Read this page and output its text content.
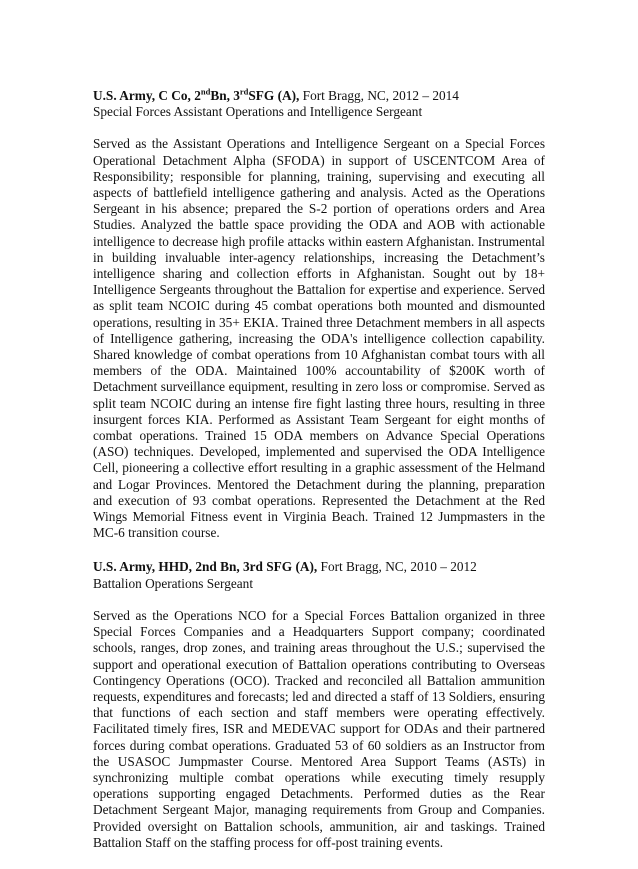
U.S. Army, C Co, 2ndBn, 3rdSFG (A), Fort Bragg, NC, 2012 – 2014

Special Forces Assistant Operations and Intelligence Sergeant

Served as the Assistant Operations and Intelligence Sergeant on a Special Forces Operational Detachment Alpha (SFODA) in support of USCENTCOM Area of Responsibility; responsible for planning, training, supervising and executing all aspects of battlefield intelligence gathering and analysis. Acted as the Operations Sergeant in his absence; prepared the S-2 portion of operations orders and Area Studies. Analyzed the battle space providing the ODA and AOB with actionable intelligence to decrease high profile attacks within eastern Afghanistan. Instrumental in building invaluable inter-agency relationships, increasing the Detachment’s intelligence sharing and collection efforts in Afghanistan. Sought out by 18+ Intelligence Sergeants throughout the Battalion for expertise and experience. Served as split team NCOIC during 45 combat operations both mounted and dismounted operations, resulting in 35+ EKIA. Trained three Detachment members in all aspects of Intelligence gathering, increasing the ODA's intelligence collection capability. Shared knowledge of combat operations from 10 Afghanistan combat tours with all members of the ODA. Maintained 100% accountability of $200K worth of Detachment surveillance equipment, resulting in zero loss or compromise. Served as split team NCOIC during an intense fire fight lasting three hours, resulting in three insurgent forces KIA. Performed as Assistant Team Sergeant for eight months of combat operations. Trained 15 ODA members on Advance Special Operations (ASO) techniques. Developed, implemented and supervised the ODA Intelligence Cell, pioneering a collective effort resulting in a graphic assessment of the Helmand and Logar Provinces. Mentored the Detachment during the planning, preparation and execution of 93 combat operations. Represented the Detachment at the Red Wings Memorial Fitness event in Virginia Beach. Trained 12 Jumpmasters in the MC-6 transition course.

U.S. Army, HHD, 2nd Bn, 3rd SFG (A), Fort Bragg, NC, 2010 – 2012

Battalion Operations Sergeant

Served as the Operations NCO for a Special Forces Battalion organized in three Special Forces Companies and a Headquarters Support company; coordinated schools, ranges, drop zones, and training areas throughout the U.S.; supervised the support and operational execution of Battalion operations contributing to Overseas Contingency Operations (OCO). Tracked and reconciled all Battalion ammunition requests, expenditures and forecasts; led and directed a staff of 13 Soldiers, ensuring that functions of each section and staff members were operating effectively. Facilitated timely fires, ISR and MEDEVAC support for ODAs and their partnered forces during combat operations. Graduated 53 of 60 soldiers as an Instructor from the USASOC Jumpmaster Course. Mentored Area Support Teams (ASTs) in synchronizing multiple combat operations while executing timely resupply operations supporting engaged Detachments. Performed duties as the Rear Detachment Sergeant Major, managing requirements from Group and Companies. Provided oversight on Battalion schools, ammunition, air and taskings. Trained Battalion Staff on the staffing process for off-post training events.
